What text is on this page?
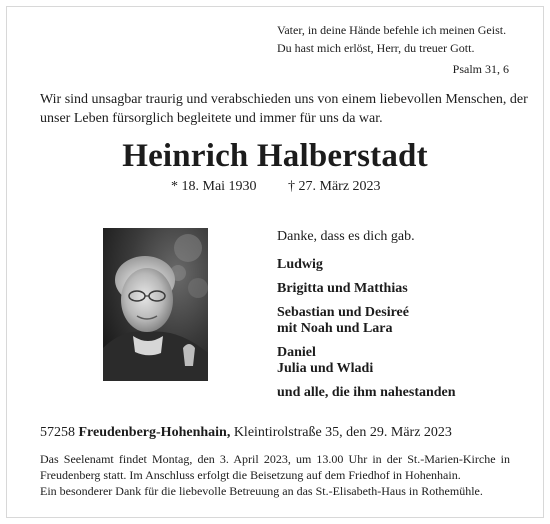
Vater, in deine Hände befehle ich meinen Geist.
Du hast mich erlöst, Herr, du treuer Gott.
Psalm 31, 6
Wir sind unsagbar traurig und verabschieden uns von einem liebevollen Menschen, der
unser Leben fürsorglich begleitete und immer für uns da war.
Heinrich Halberstadt
* 18. Mai 1930 † 27. März 2023
Danke, dass es dich gab.
Ludwig
Brigitta und Matthias
Sebastian und Desireé
mit Noah und Lara
Daniel
Julia und Wladi
und alle, die ihm nahestanden
57258 Freudenberg-Hohenhain, Kleintirolstraße 35, den 29. März 2023
Das Seelenamt findet Montag, den 3. April 2023, um 13.00 Uhr in der St.-Marien-Kirche in
Freudenberg statt. Im Anschluss erfolgt die Beisetzung auf dem Friedhof in Hohenhain.
Ein besonderer Dank für die liebevolle Betreuung an das St.-Elisabeth-Haus in Rothemühle.
